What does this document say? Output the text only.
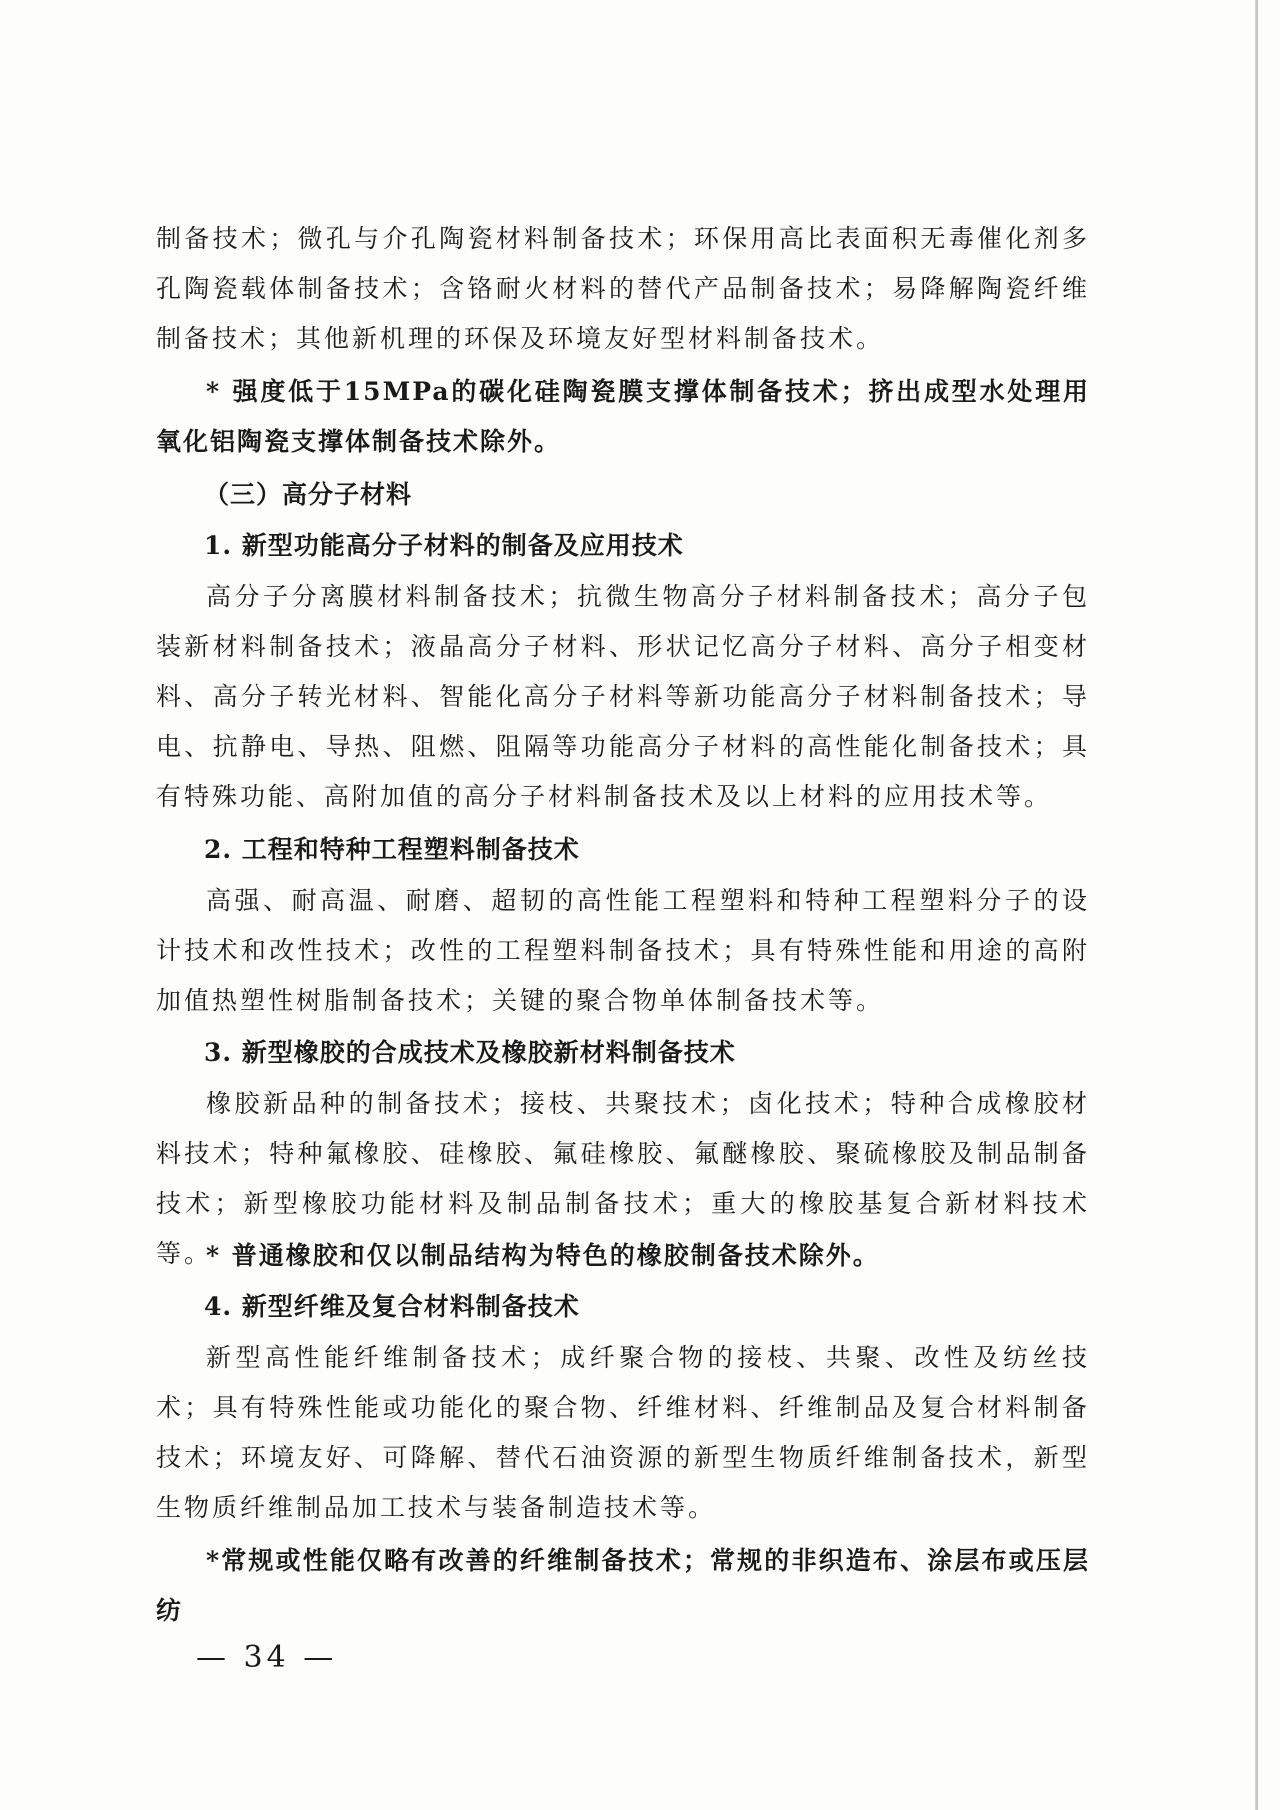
制备技术；微孔与介孔陶瓷材料制备技术；环保用高比表面积无毒催化剂多孔陶瓷载体制备技术；含铬耐火材料的替代产品制备技术；易降解陶瓷纤维制备技术；其他新机理的环保及环境友好型材料制备技术。

* 强度低于15MPa的碳化硅陶瓷膜支撑体制备技术；挤出成型水处理用氧化铝陶瓷支撑体制备技术除外。

（三）高分子材料

1. 新型功能高分子材料的制备及应用技术

高分子分离膜材料制备技术；抗微生物高分子材料制备技术；高分子包装新材料制备技术；液晶高分子材料、形状记忆高分子材料、高分子相变材料、高分子转光材料、智能化高分子材料等新功能高分子材料制备技术；导电、抗静电、导热、阻燃、阻隔等功能高分子材料的高性能化制备技术；具有特殊功能、高附加值的高分子材料制备技术及以上材料的应用技术等。

2. 工程和特种工程塑料制备技术

高强、耐高温、耐磨、超韧的高性能工程塑料和特种工程塑料分子的设计技术和改性技术；改性的工程塑料制备技术；具有特殊性能和用途的高附加值热塑性树脂制备技术；关键的聚合物单体制备技术等。

3. 新型橡胶的合成技术及橡胶新材料制备技术

橡胶新品种的制备技术；接枝、共聚技术；卤化技术；特种合成橡胶材料技术；特种氟橡胶、硅橡胶、氟硅橡胶、氟醚橡胶、聚硫橡胶及制品制备技术；新型橡胶功能材料及制品制备技术；重大的橡胶基复合新材料技术等。

* 普通橡胶和仅以制品结构为特色的橡胶制备技术除外。

4. 新型纤维及复合材料制备技术

新型高性能纤维制备技术；成纤聚合物的接枝、共聚、改性及纺丝技术；具有特殊性能或功能化的聚合物、纤维材料、纤维制品及复合材料制备技术；环境友好、可降解、替代石油资源的新型生物质纤维制备技术，新型生物质纤维制品加工技术与装备制造技术等。

*常规或性能仅略有改善的纤维制备技术；常规的非织造布、涂层布或压层纺

— 34 —
